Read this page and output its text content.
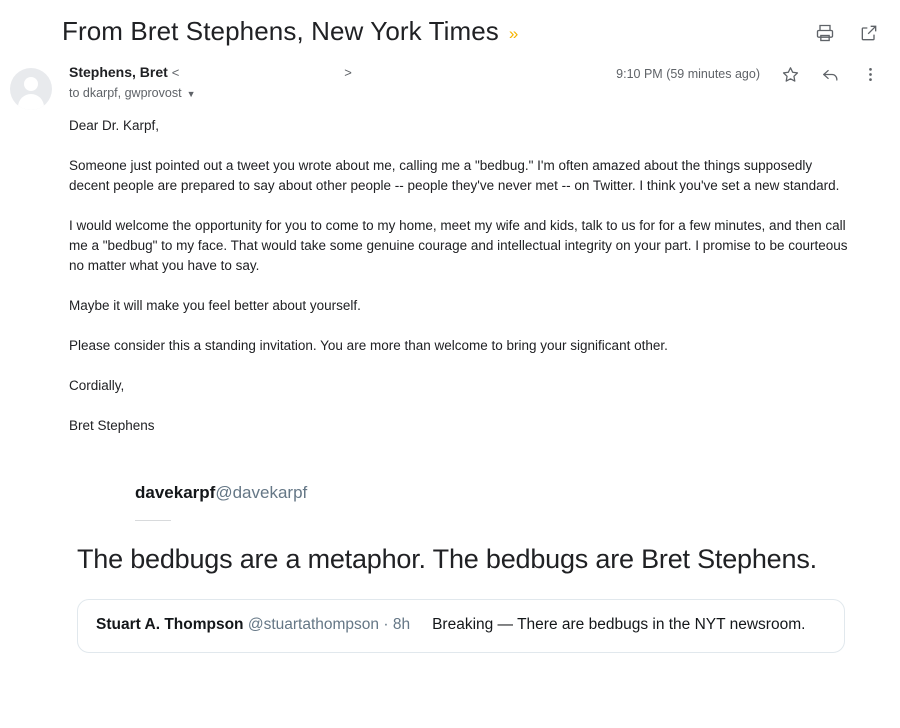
From Bret Stephens, New York Times »
Stephens, Bret <	>
to dkarpf, gwprovost ▼
9:10 PM (59 minutes ago)

Dear Dr. Karpf,

Someone just pointed out a tweet you wrote about me, calling me a "bedbug." I'm often amazed about the things supposedly decent people are prepared to say about other people -- people they've never met -- on Twitter. I think you've set a new standard.

I would welcome the opportunity for you to come to my home, meet my wife and kids, talk to us for for a few minutes, and then call me a "bedbug" to my face. That would take some genuine courage and intellectual integrity on your part. I promise to be courteous no matter what you have to say.

Maybe it will make you feel better about yourself.

Please consider this a standing invitation. You are more than welcome to bring your significant other.

Cordially,

Bret Stephens

davekarpf@davekarpf
The bedbugs are a metaphor. The bedbugs are Bret Stephens.
Stuart A. Thompson @stuartathompson · 8h Breaking — There are bedbugs in the NYT newsroom.
